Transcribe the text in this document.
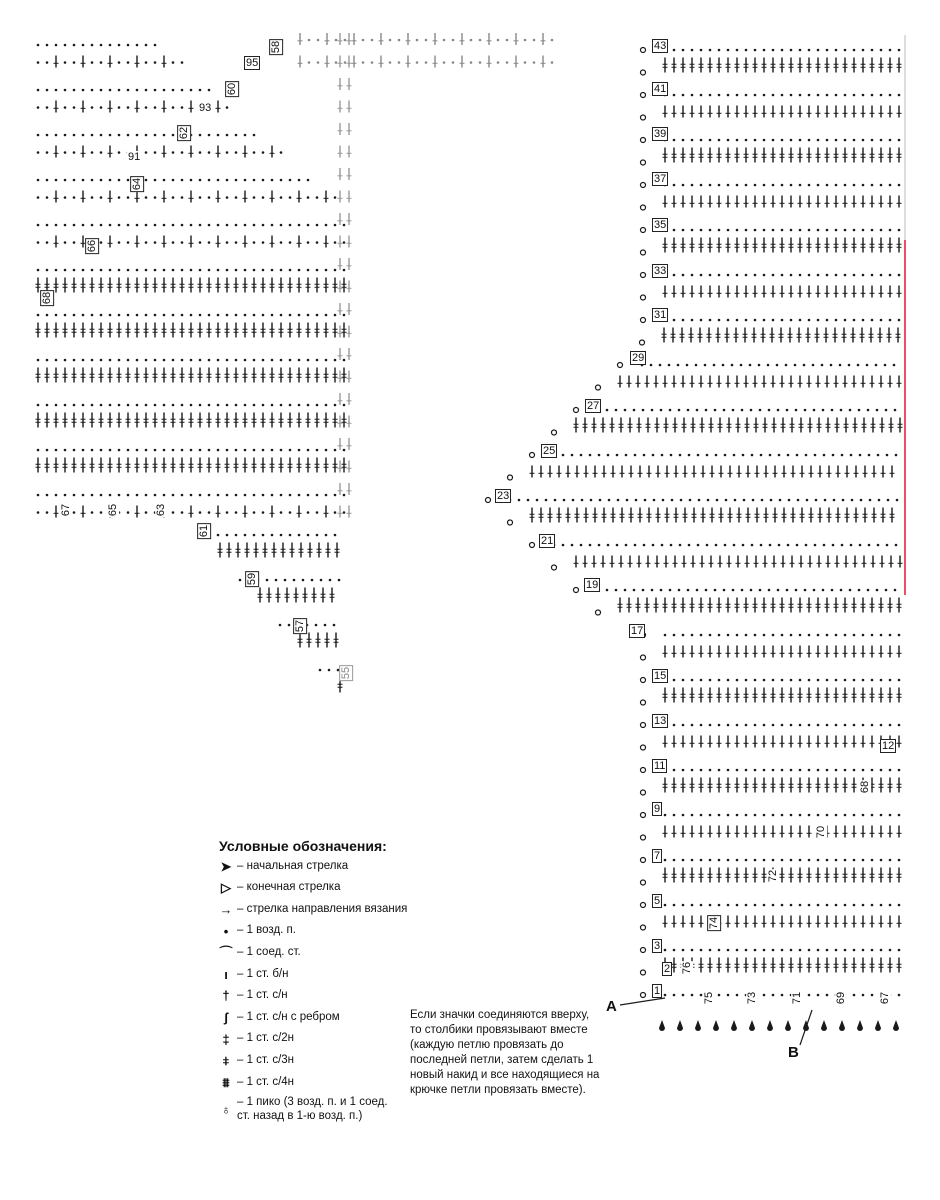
95
58
60
93
62
91
64
66
68
67	65	63
61
59
57
55
43
41
39
37
35
33
31
29
27
25
23
21
19
17
15
13
11
9
7
5
3
1
2
12
76
75
74
73
72
71
70
69
68
67
A
B
Условные обозначения:
➤ – начальная стрелка
▷ – конечная стрелка
→ – стрелка направления вязания
• – 1 возд. п.
⌒ – 1 соед. ст.
ı – 1 ст. б/н
† – 1 ст. с/н
ʃ – 1 ст. с/н с ребром
‡ – 1 ст. с/2н
⧧ – 1 ст. с/3н
⩩ – 1 ст. с/4н
♁ – 1 пико (3 возд. п. и 1 соед. ст. назад в 1-ю возд. п.)
Если значки соединяются вверху, то столбики провязывают вместе (каждую петлю провязать до последней петли, затем сделать 1 новый накид и все находящиеся на крючке петли провязать вместе).
